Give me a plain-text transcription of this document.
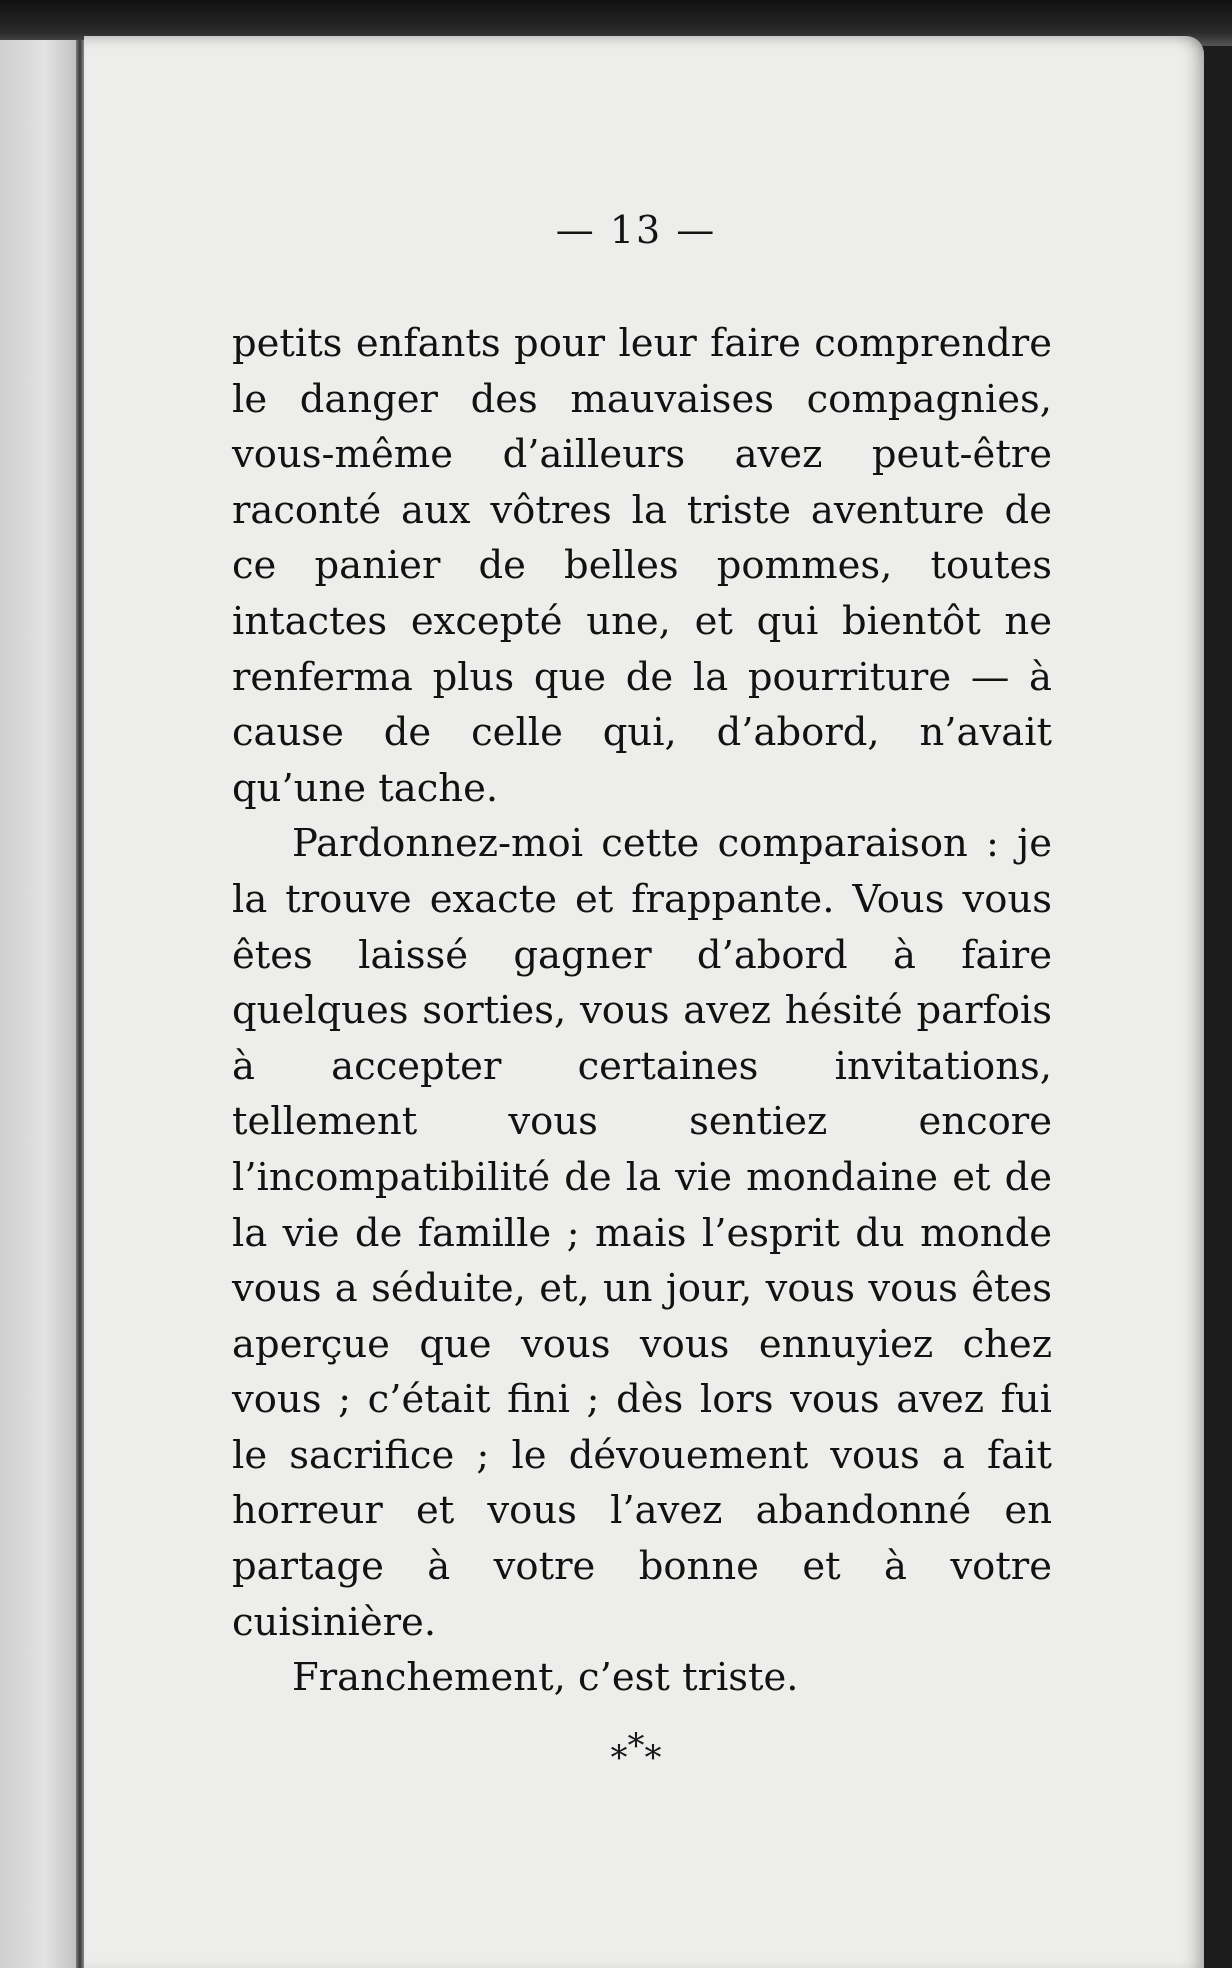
— 13 —

petits enfants pour leur faire comprendre le danger des mauvaises compagnies, vous-même d’ailleurs avez peut-être raconté aux vôtres la triste aventure de ce panier de belles pommes, toutes intactes excepté une, et qui bientôt ne renferma plus que de la pourriture — à cause de celle qui, d’abord, n’avait qu’une tache.

Pardonnez-moi cette comparaison : je la trouve exacte et frappante. Vous vous êtes laissé gagner d’abord à faire quelques sorties, vous avez hésité parfois à accepter certaines invitations, tellement vous sentiez encore l’incompatibilité de la vie mondaine et de la vie de famille ; mais l’esprit du monde vous a séduite, et, un jour, vous vous êtes aperçue que vous vous ennuyiez chez vous ; c’était fini ; dès lors vous avez fui le sacrifice ; le dévouement vous a fait horreur et vous l’avez abandonné en partage à votre bonne et à votre cuisinière.

Franchement, c’est triste.

***
